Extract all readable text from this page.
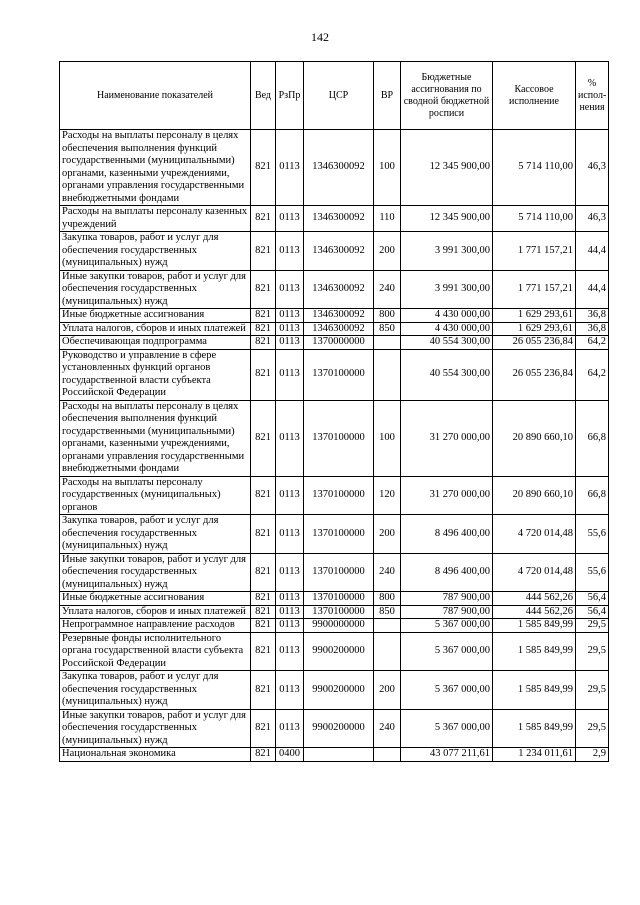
142
Наименование показателей	Вед	РзПр	ЦСР	ВР	Бюджетные ассигнования по сводной бюджетной росписи	Кассовое исполнение	% испол-нения
Расходы на выплаты персоналу в целях обеспечения выполнения функций государственными (муниципальными) органами, казенными учреждениями, органами управления государственными внебюджетными фондами	821	0113	1346300092	100	12 345 900,00	5 714 110,00	46,3
Расходы на выплаты персоналу казенных учреждений	821	0113	1346300092	110	12 345 900,00	5 714 110,00	46,3
Закупка товаров, работ и услуг для обеспечения государственных (муниципальных) нужд	821	0113	1346300092	200	3 991 300,00	1 771 157,21	44,4
Иные закупки товаров, работ и услуг для обеспечения государственных (муниципальных) нужд	821	0113	1346300092	240	3 991 300,00	1 771 157,21	44,4
Иные бюджетные ассигнования	821	0113	1346300092	800	4 430 000,00	1 629 293,61	36,8
Уплата налогов, сборов и иных платежей	821	0113	1346300092	850	4 430 000,00	1 629 293,61	36,8
Обеспечивающая подпрограмма	821	0113	1370000000		40 554 300,00	26 055 236,84	64,2
Руководство и управление в сфере установленных функций органов государственной власти субъекта Российской Федерации	821	0113	1370100000		40 554 300,00	26 055 236,84	64,2
Расходы на выплаты персоналу в целях обеспечения выполнения функций государственными (муниципальными) органами, казенными учреждениями, органами управления государственными внебюджетными фондами	821	0113	1370100000	100	31 270 000,00	20 890 660,10	66,8
Расходы на выплаты персоналу государственных (муниципальных) органов	821	0113	1370100000	120	31 270 000,00	20 890 660,10	66,8
Закупка товаров, работ и услуг для обеспечения государственных (муниципальных) нужд	821	0113	1370100000	200	8 496 400,00	4 720 014,48	55,6
Иные закупки товаров, работ и услуг для обеспечения государственных (муниципальных) нужд	821	0113	1370100000	240	8 496 400,00	4 720 014,48	55,6
Иные бюджетные ассигнования	821	0113	1370100000	800	787 900,00	444 562,26	56,4
Уплата налогов, сборов и иных платежей	821	0113	1370100000	850	787 900,00	444 562,26	56,4
Непрограммное направление расходов	821	0113	9900000000		5 367 000,00	1 585 849,99	29,5
Резервные фонды исполнительного органа государственной власти субъекта Российской Федерации	821	0113	9900200000		5 367 000,00	1 585 849,99	29,5
Закупка товаров, работ и услуг для обеспечения государственных (муниципальных) нужд	821	0113	9900200000	200	5 367 000,00	1 585 849,99	29,5
Иные закупки товаров, работ и услуг для обеспечения государственных (муниципальных) нужд	821	0113	9900200000	240	5 367 000,00	1 585 849,99	29,5
Национальная экономика	821	0400			43 077 211,61	1 234 011,61	2,9
